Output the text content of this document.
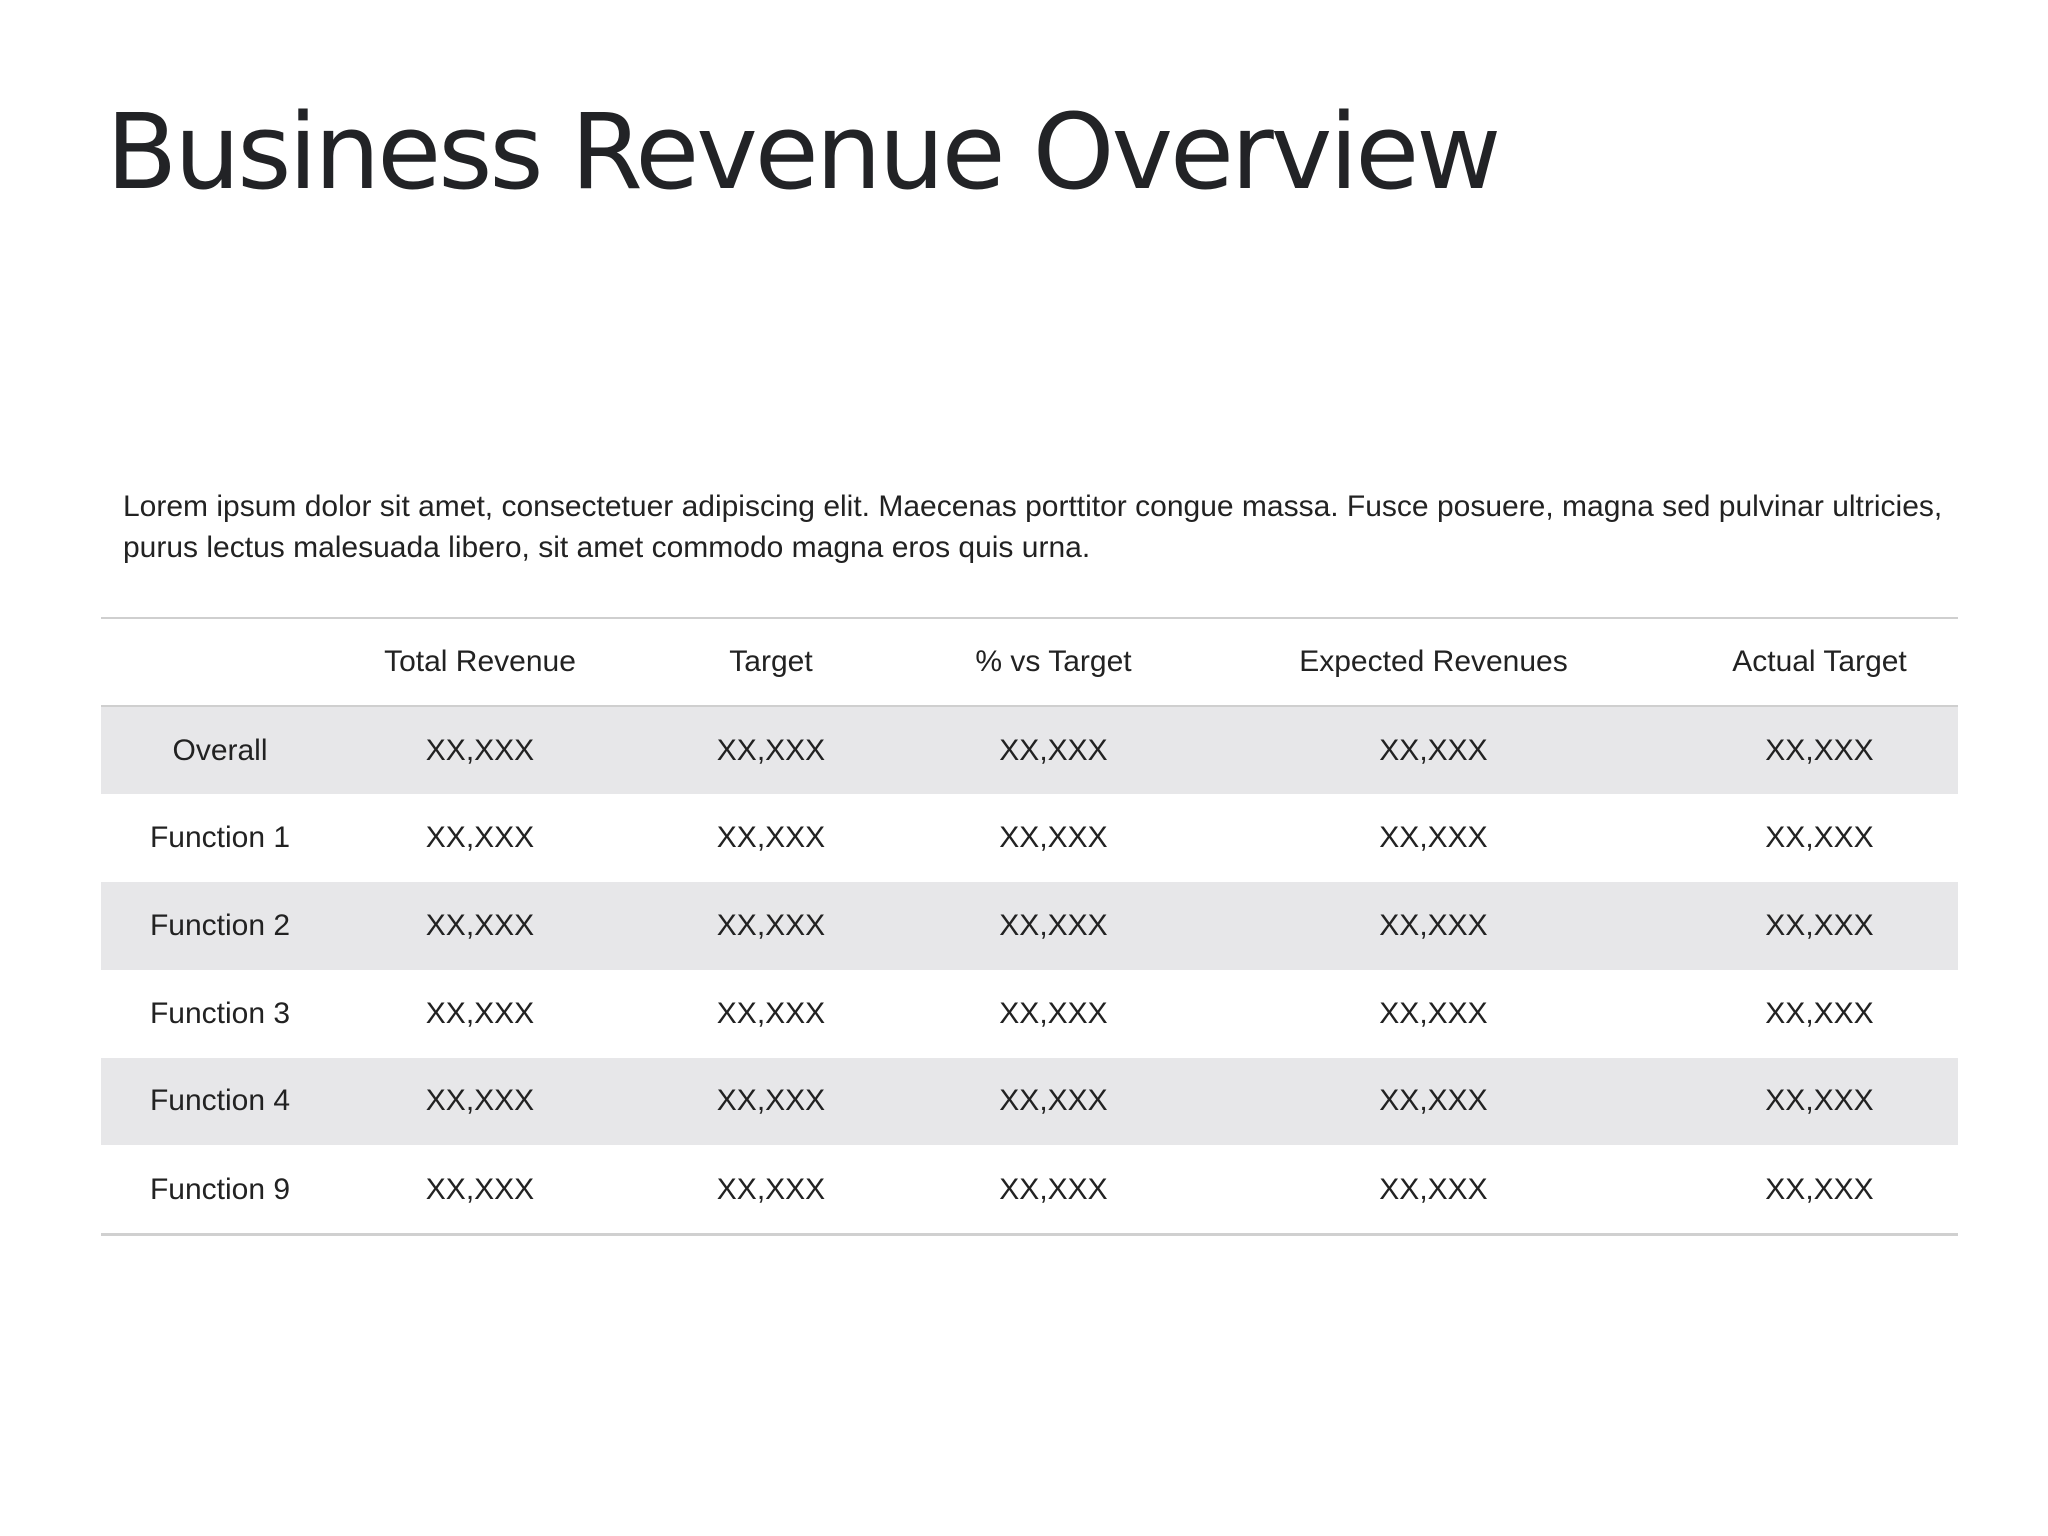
Business Revenue Overview

Lorem ipsum dolor sit amet, consectetuer adipiscing elit. Maecenas porttitor congue massa. Fusce posuere, magna sed pulvinar ultricies, purus lectus malesuada libero, sit amet commodo magna eros quis urna.

	Total Revenue	Target	% vs Target	Expected Revenues	Actual Target
Overall	XX,XXX	XX,XXX	XX,XXX	XX,XXX	XX,XXX
Function 1	XX,XXX	XX,XXX	XX,XXX	XX,XXX	XX,XXX
Function 2	XX,XXX	XX,XXX	XX,XXX	XX,XXX	XX,XXX
Function 3	XX,XXX	XX,XXX	XX,XXX	XX,XXX	XX,XXX
Function 4	XX,XXX	XX,XXX	XX,XXX	XX,XXX	XX,XXX
Function 9	XX,XXX	XX,XXX	XX,XXX	XX,XXX	XX,XXX
